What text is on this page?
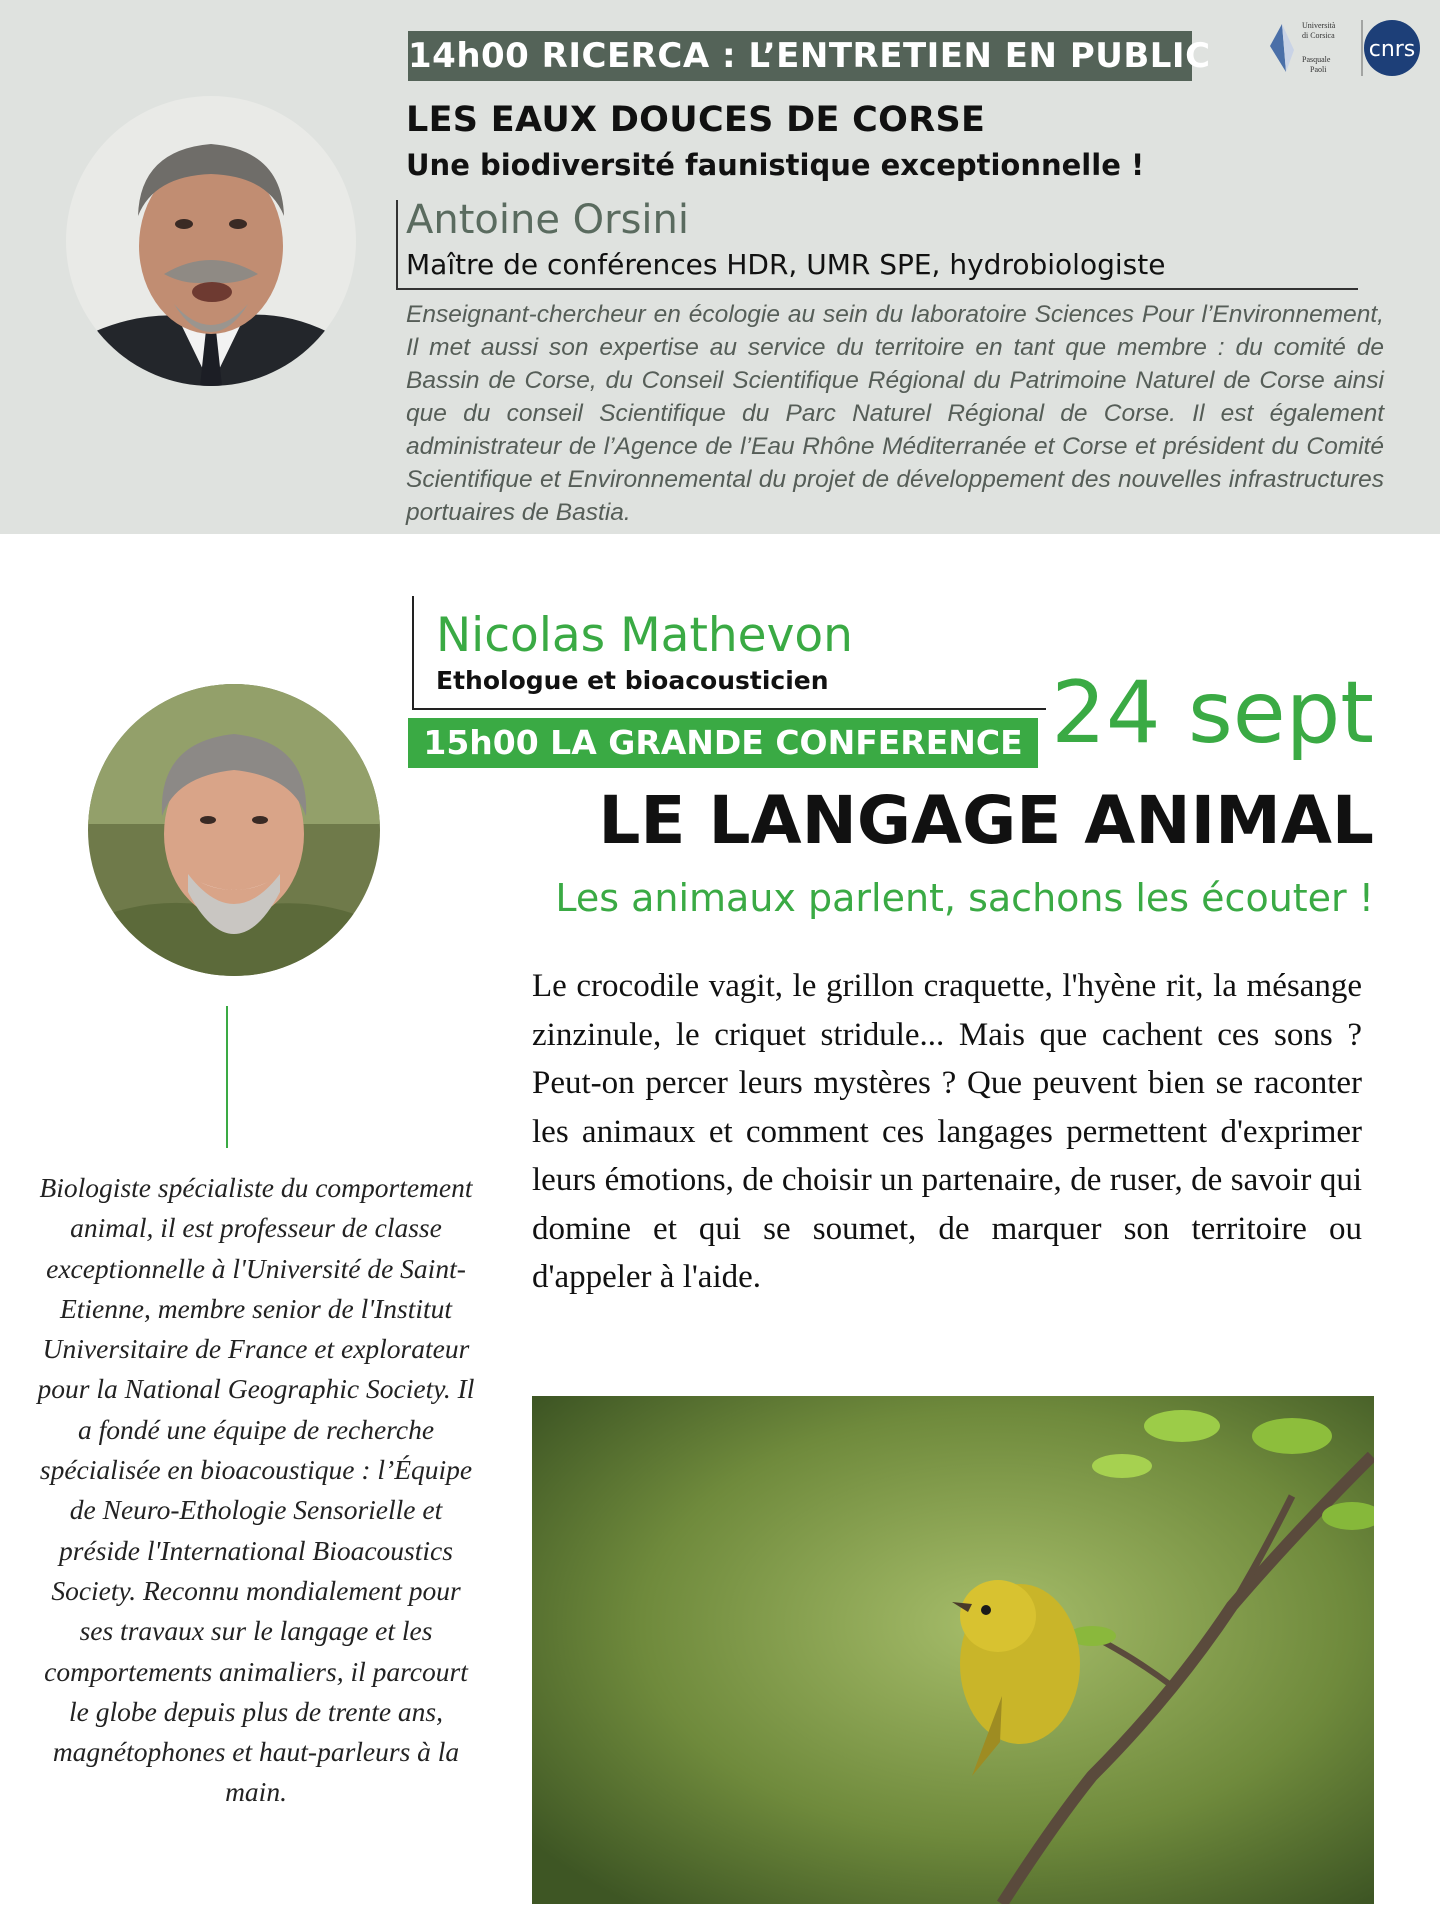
14h00 RICERCA : L’ENTRETIEN EN PUBLIC
Università
di Corsica
Pasquale
Paoli
cnrs
LES EAUX DOUCES DE CORSE
Une biodiversité faunistique exceptionnelle !
Antoine Orsini
Maître de conférences HDR, UMR SPE, hydrobiologiste
Enseignant-chercheur en écologie au sein du laboratoire Sciences Pour l’Environnement, Il met aussi son expertise au service du territoire en tant que membre : du comité de Bassin de Corse, du Conseil Scientifique Régional du Patrimoine Naturel de Corse ainsi que du conseil Scientifique du Parc Naturel Régional de Corse. Il est également administrateur de l’Agence de l’Eau Rhône Méditerranée et Corse et président du Comité Scientifique et Environnemental du projet de développement des nouvelles infrastructures portuaires de Bastia.
Nicolas Mathevon
Ethologue et bioacousticien
15h00 LA GRANDE CONFERENCE 24 sept
LE LANGAGE ANIMAL
Les animaux parlent, sachons les écouter !
Biologiste spécialiste du comportement animal, il est professeur de classe exceptionnelle à l'Université de Saint-Etienne, membre senior de l'Institut Universitaire de France et explorateur pour la National Geographic Society. Il a fondé une équipe de recherche spécialisée en bioacoustique : l’Équipe de Neuro-Ethologie Sensorielle et préside l'International Bioacoustics Society. Reconnu mondialement pour ses travaux sur le langage et les comportements animaliers, il parcourt le globe depuis plus de trente ans, magnétophones et haut-parleurs à la main.
Le crocodile vagit, le grillon craquette, l'hyène rit, la mésange zinzinule, le criquet stridule... Mais que cachent ces sons ? Peut-on percer leurs mystères ? Que peuvent bien se raconter les animaux et comment ces langages permettent d'exprimer leurs émotions, de choisir un partenaire, de ruser, de savoir qui domine et qui se soumet, de marquer son territoire ou d'appeler à l'aide.
